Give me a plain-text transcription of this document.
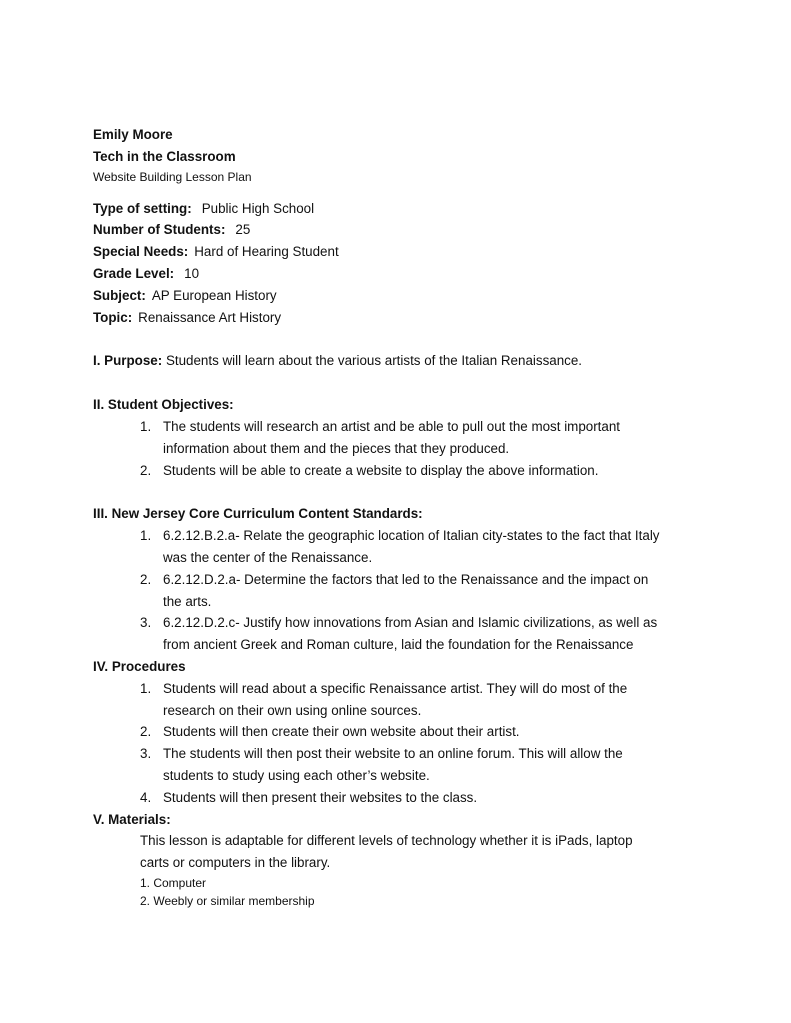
Emily Moore

Tech in the Classroom

Website Building Lesson Plan

Type of setting: Public High School

Number of Students: 25

Special Needs: Hard of Hearing Student

Grade Level: 10

Subject: AP European History

Topic: Renaissance Art History

I. Purpose: Students will learn about the various artists of the Italian Renaissance.

II. Student Objectives:

1. The students will research an artist and be able to pull out the most important
information about them and the pieces that they produced.
2. Students will be able to create a website to display the above information.

III. New Jersey Core Curriculum Content Standards:

1. 6.2.12.B.2.a- Relate the geographic location of Italian city-states to the fact that Italy
was the center of the Renaissance.
2. 6.2.12.D.2.a- Determine the factors that led to the Renaissance and the impact on
the arts.
3. 6.2.12.D.2.c- Justify how innovations from Asian and Islamic civilizations, as well as
from ancient Greek and Roman culture, laid the foundation for the Renaissance

IV. Procedures

1. Students will read about a specific Renaissance artist. They will do most of the
research on their own using online sources.
2. Students will then create their own website about their artist.
3. The students will then post their website to an online forum. This will allow the
students to study using each other’s website.
4. Students will then present their websites to the class.

V. Materials:

This lesson is adaptable for different levels of technology whether it is iPads, laptop

carts or computers in the library.

1. Computer

2. Weebly or similar membership
